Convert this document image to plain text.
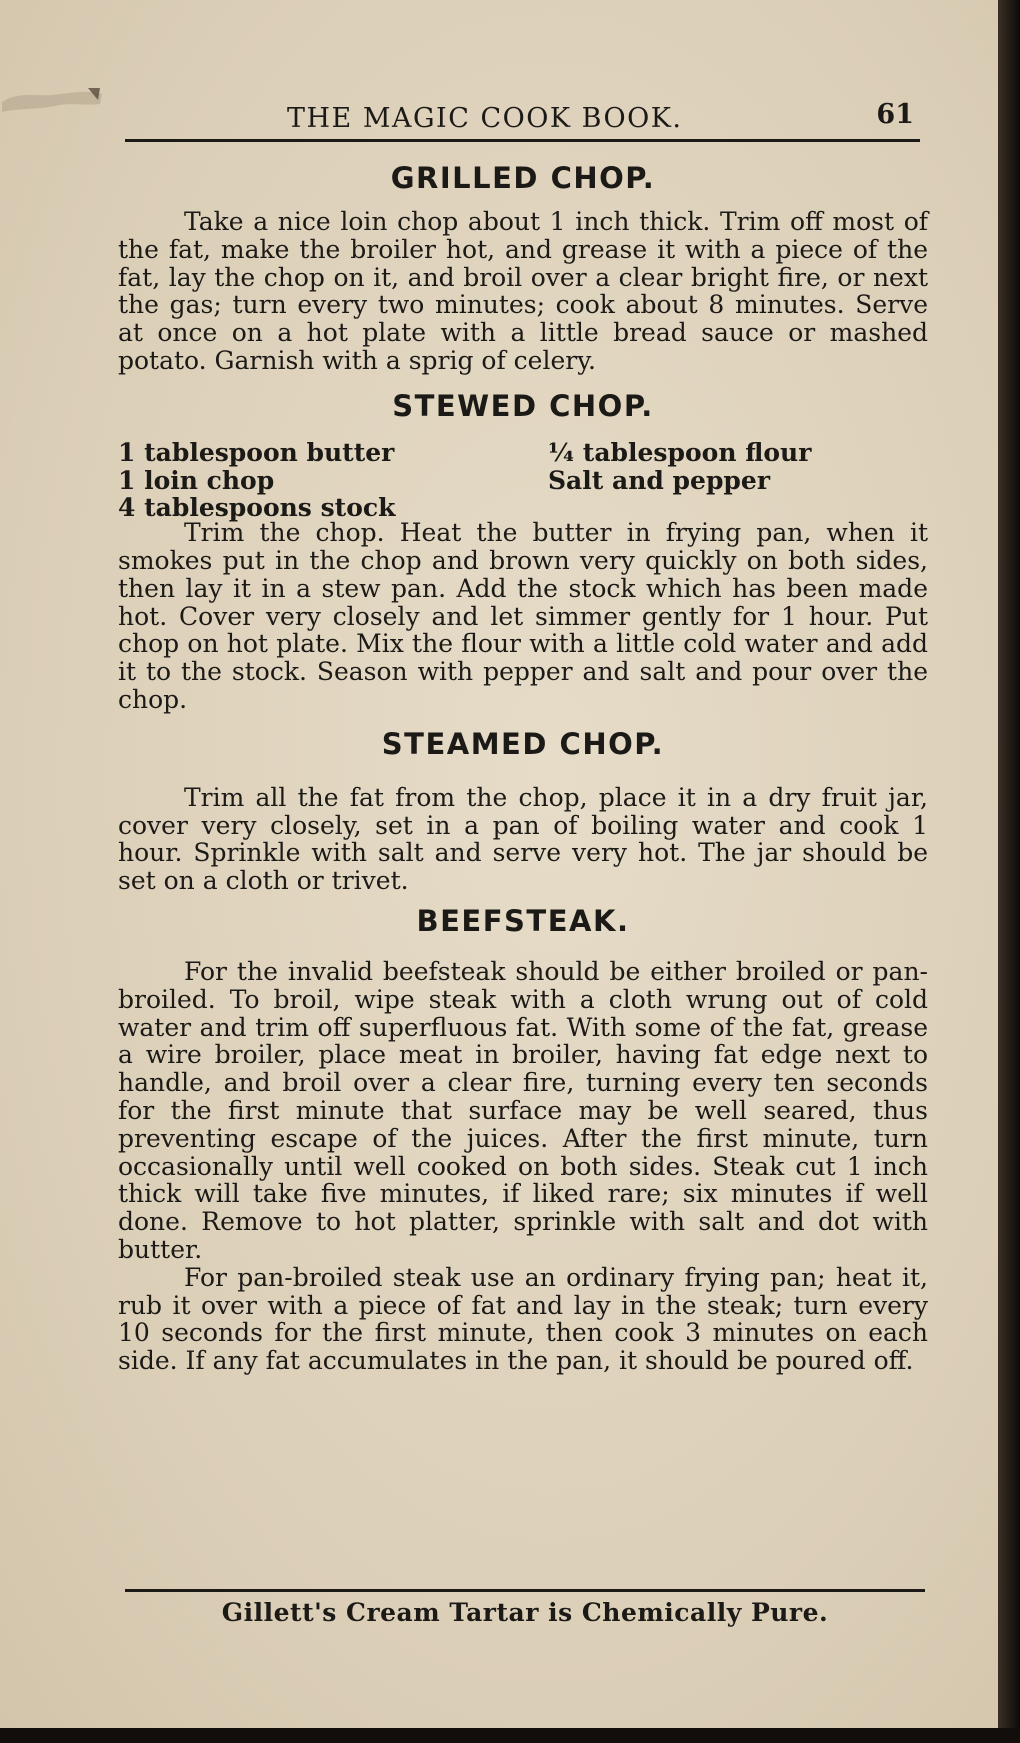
THE MAGIC COOK BOOK.	61
GRILLED CHOP.

Take a nice loin chop about 1 inch thick. Trim off most of the fat, make the broiler hot, and grease it with a piece of the fat, lay the chop on it, and broil over a clear bright fire, or next the gas; turn every two minutes; cook about 8 minutes. Serve at once on a hot plate with a little bread sauce or mashed potato. Garnish with a sprig of celery.

STEWED CHOP.
1 tablespoon butter	¼ tablespoon flour
1 loin chop	Salt and pepper
4 tablespoons stock

Trim the chop. Heat the butter in frying pan, when it smokes put in the chop and brown very quickly on both sides, then lay it in a stew pan. Add the stock which has been made hot. Cover very closely and let simmer gently for 1 hour. Put chop on hot plate. Mix the flour with a little cold water and add it to the stock. Season with pepper and salt and pour over the chop.

STEAMED CHOP.

Trim all the fat from the chop, place it in a dry fruit jar, cover very closely, set in a pan of boiling water and cook 1 hour. Sprinkle with salt and serve very hot. The jar should be set on a cloth or trivet.

BEEFSTEAK.

For the invalid beefsteak should be either broiled or pan-broiled. To broil, wipe steak with a cloth wrung out of cold water and trim off superfluous fat. With some of the fat, grease a wire broiler, place meat in broiler, having fat edge next to handle, and broil over a clear fire, turning every ten seconds for the first minute that surface may be well seared, thus preventing escape of the juices. After the first minute, turn occasionally until well cooked on both sides. Steak cut 1 inch thick will take five minutes, if liked rare; six minutes if well done. Remove to hot platter, sprinkle with salt and dot with butter.

For pan-broiled steak use an ordinary frying pan; heat it, rub it over with a piece of fat and lay in the steak; turn every 10 seconds for the first minute, then cook 3 minutes on each side. If any fat accumulates in the pan, it should be poured off.

Gillett's Cream Tartar is Chemically Pure.
